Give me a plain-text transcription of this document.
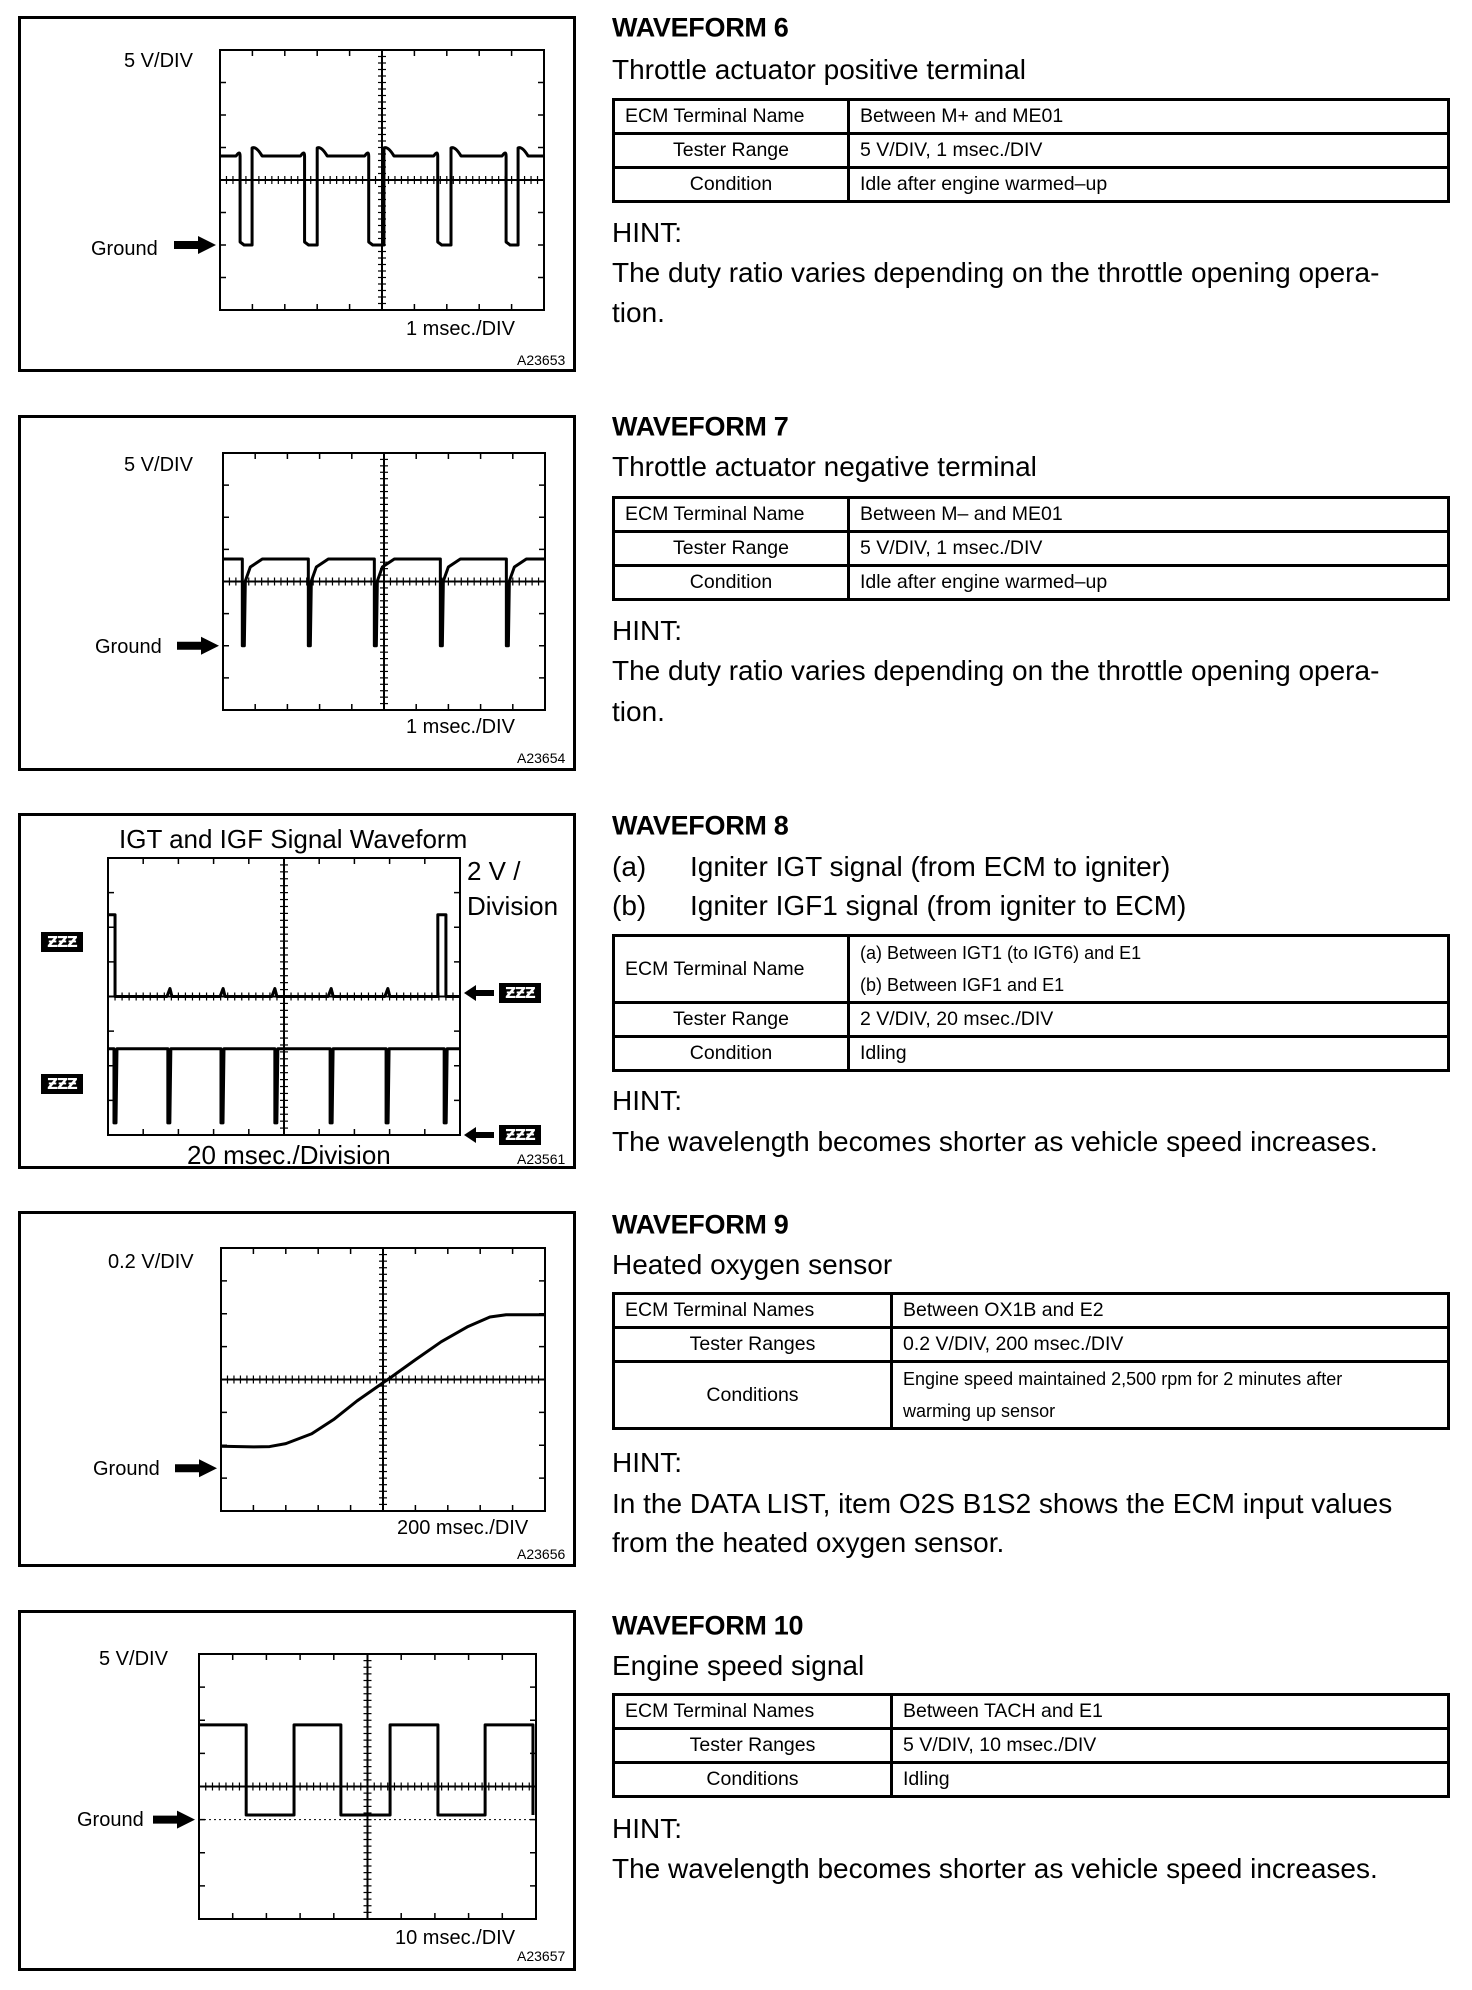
5 V/DIV
Ground
1 msec./DIV
A23653
5 V/DIV
Ground
1 msec./DIV
A23654
IGT and IGF Signal Waveform
2 V /
Division
ƵƵƵ
ƵƵƵ
ƵƵƵ
ƵƵƵ
20 msec./Division	A23561
0.2 V/DIV
Ground
200 msec./DIV
A23656
5 V/DIV
Ground
10 msec./DIV
A23657
WAVEFORM 6
Throttle actuator positive terminal
ECM Terminal Name	Between M+ and ME01
Tester Range	5 V/DIV, 1 msec./DIV
Condition	Idle after engine warmed–up
HINT:
The duty ratio varies depending on the throttle opening opera-
tion.
WAVEFORM 7
Throttle actuator negative terminal
ECM Terminal Name	Between M– and ME01
Tester Range	5 V/DIV, 1 msec./DIV
Condition	Idle after engine warmed–up
HINT:
The duty ratio varies depending on the throttle opening opera-
tion.
WAVEFORM 8
(a) Igniter IGT signal (from ECM to igniter)
(b) Igniter IGF1 signal (from igniter to ECM)
ECM Terminal Name	(a) Between IGT1 (to IGT6) and E1
(b) Between IGF1 and E1

Tester Range	2 V/DIV, 20 msec./DIV
Condition	Idling
HINT:
The wavelength becomes shorter as vehicle speed increases.
WAVEFORM 9
Heated oxygen sensor
ECM Terminal Names	Between OX1B and E2
Tester Ranges	0.2 V/DIV, 200 msec./DIV
Conditions	Engine speed maintained 2,500 rpm for 2 minutes after
warming up sensor
HINT:
In the DATA LIST, item O2S B1S2 shows the ECM input values
from the heated oxygen sensor.
WAVEFORM 10
Engine speed signal
ECM Terminal Names	Between TACH and E1
Tester Ranges	5 V/DIV, 10 msec./DIV
Conditions	Idling
HINT:
The wavelength becomes shorter as vehicle speed increases.
